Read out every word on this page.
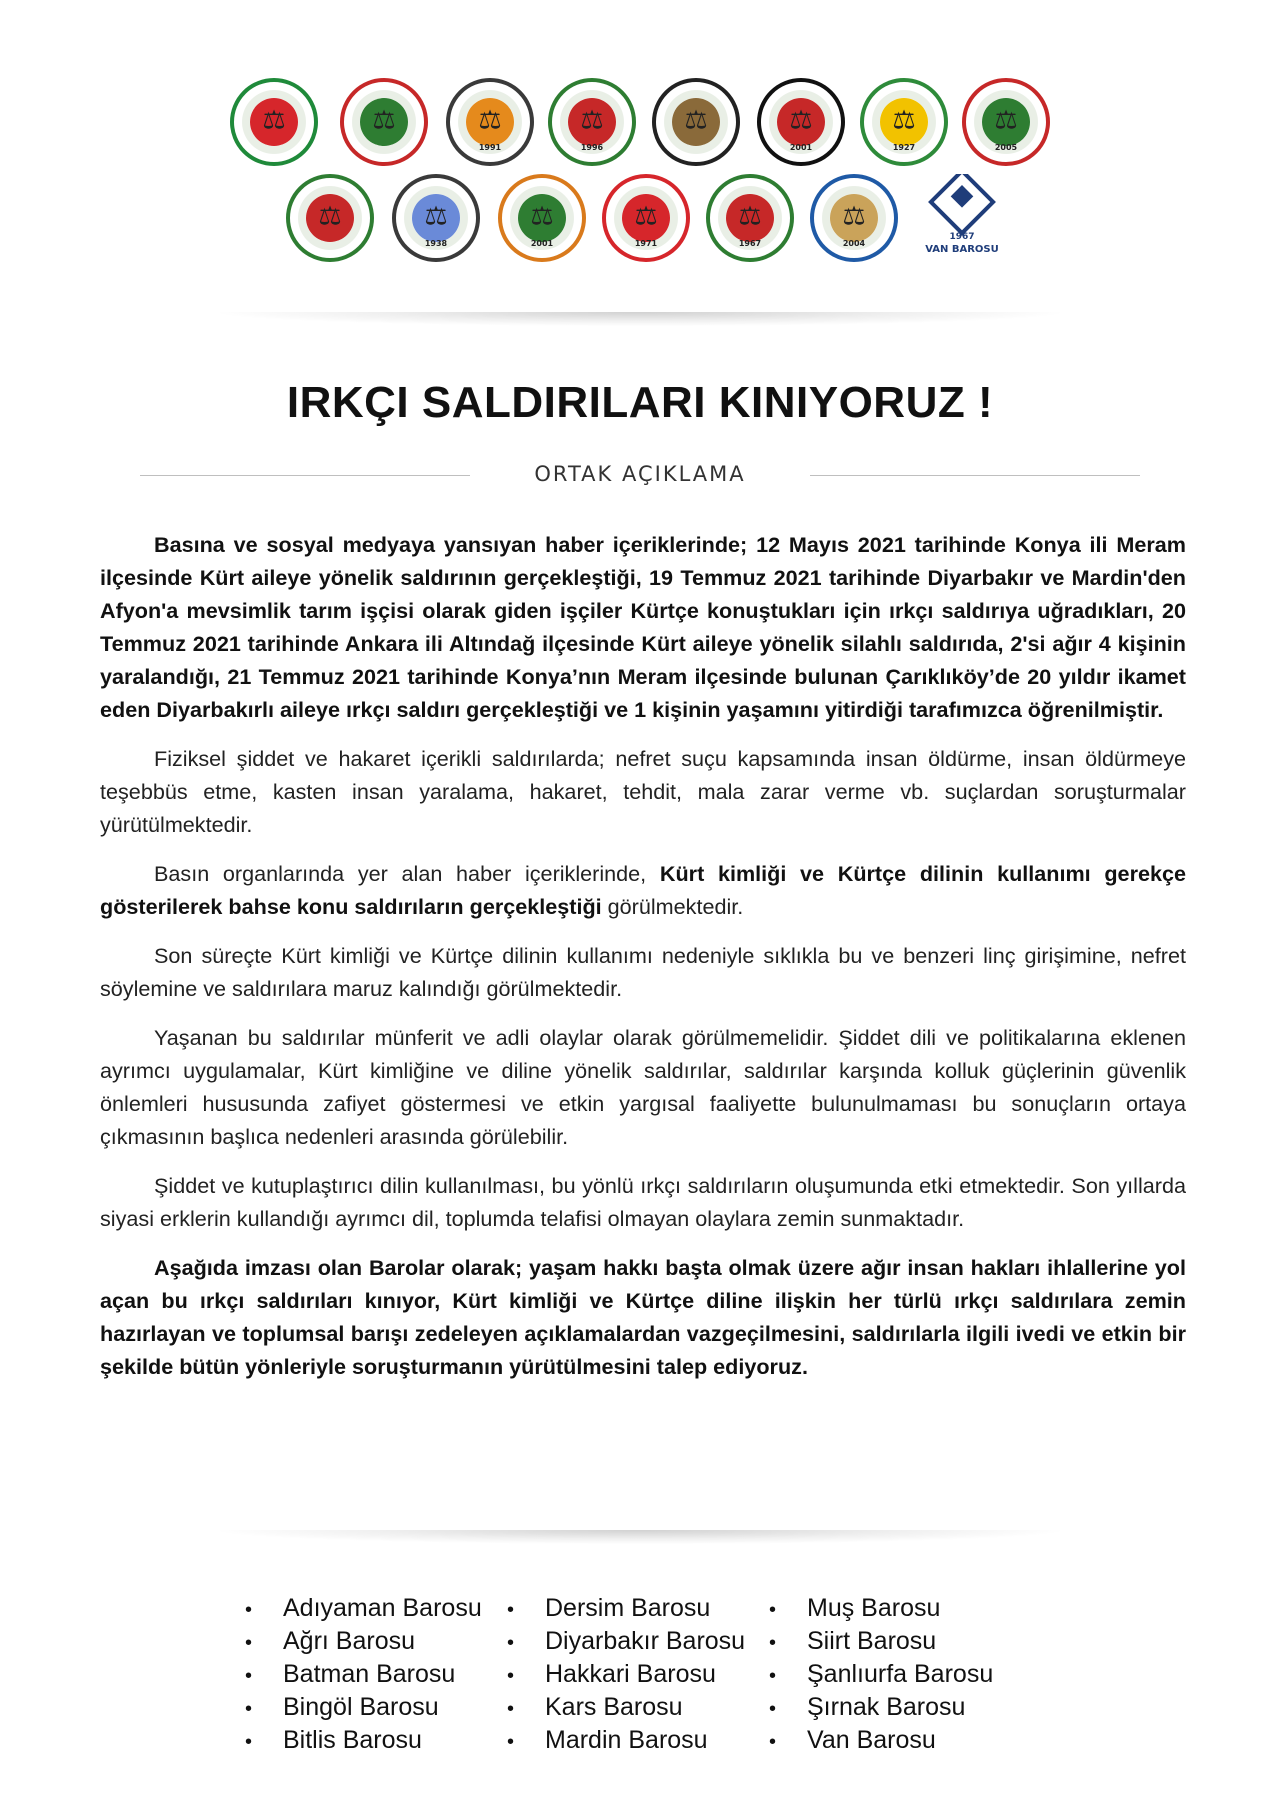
⚖	⚖	⚖
1991
⚖
1996
⚖	⚖
2001
⚖
1927
⚖
2005
⚖	⚖
1938
⚖
2001
⚖
1971
⚖
1967
⚖
2004
1967
VAN BAROSU
IRKÇI SALDIRILARI KINIYORUZ !
ORTAK AÇIKLAMA

Basına ve sosyal medyaya yansıyan haber içeriklerinde; 12 Mayıs 2021 tarihinde Konya ili Meram ilçesinde Kürt aileye yönelik saldırının gerçekleştiği, 19 Temmuz 2021 tarihinde Diyarbakır ve Mardin'den Afyon'a mevsimlik tarım işçisi olarak giden işçiler Kürtçe konuştukları için ırkçı saldırıya uğradıkları, 20 Temmuz 2021 tarihinde Ankara ili Altındağ ilçesinde Kürt aileye yönelik silahlı saldırıda, 2'si ağır 4 kişinin yaralandığı, 21 Temmuz 2021 tarihinde Konya’nın Meram ilçesinde bulunan Çarıklıköy’de 20 yıldır ikamet eden Diyarbakırlı aileye ırkçı saldırı gerçekleştiği ve 1 kişinin yaşamını yitirdiği tarafımızca öğrenilmiştir.

Fiziksel şiddet ve hakaret içerikli saldırılarda; nefret suçu kapsamında insan öldürme, insan öldürmeye teşebbüs etme, kasten insan yaralama, hakaret, tehdit, mala zarar verme vb. suçlardan soruşturmalar yürütülmektedir.

Basın organlarında yer alan haber içeriklerinde, Kürt kimliği ve Kürtçe dilinin kullanımı gerekçe gösterilerek bahse konu saldırıların gerçekleştiği görülmektedir.

Son süreçte Kürt kimliği ve Kürtçe dilinin kullanımı nedeniyle sıklıkla bu ve benzeri linç girişimine, nefret söylemine ve saldırılara maruz kalındığı görülmektedir.

Yaşanan bu saldırılar münferit ve adli olaylar olarak görülmemelidir. Şiddet dili ve politikalarına eklenen ayrımcı uygulamalar, Kürt kimliğine ve diline yönelik saldırılar, saldırılar karşında kolluk güçlerinin güvenlik önlemleri hususunda zafiyet göstermesi ve etkin yargısal faaliyette bulunulmaması bu sonuçların ortaya çıkmasının başlıca nedenleri arasında görülebilir.

Şiddet ve kutuplaştırıcı dilin kullanılması, bu yönlü ırkçı saldırıların oluşumunda etki etmektedir. Son yıllarda siyasi erklerin kullandığı ayrımcı dil, toplumda telafisi olmayan olaylara zemin sunmaktadır.

Aşağıda imzası olan Barolar olarak; yaşam hakkı başta olmak üzere ağır insan hakları ihlallerine yol açan bu ırkçı saldırıları kınıyor, Kürt kimliği ve Kürtçe diline ilişkin her türlü ırkçı saldırılara zemin hazırlayan ve toplumsal barışı zedeleyen açıklamalardan vazgeçilmesini, saldırılarla ilgili ivedi ve etkin bir şekilde bütün yönleriyle soruşturmanın yürütülmesini talep ediyoruz.

• Adıyaman Barosu
• Ağrı Barosu
• Batman Barosu
• Bingöl Barosu
• Bitlis Barosu
• Dersim Barosu
• Diyarbakır Barosu
• Hakkari Barosu
• Kars Barosu
• Mardin Barosu
• Muş Barosu
• Siirt Barosu
• Şanlıurfa Barosu
• Şırnak Barosu
• Van Barosu
